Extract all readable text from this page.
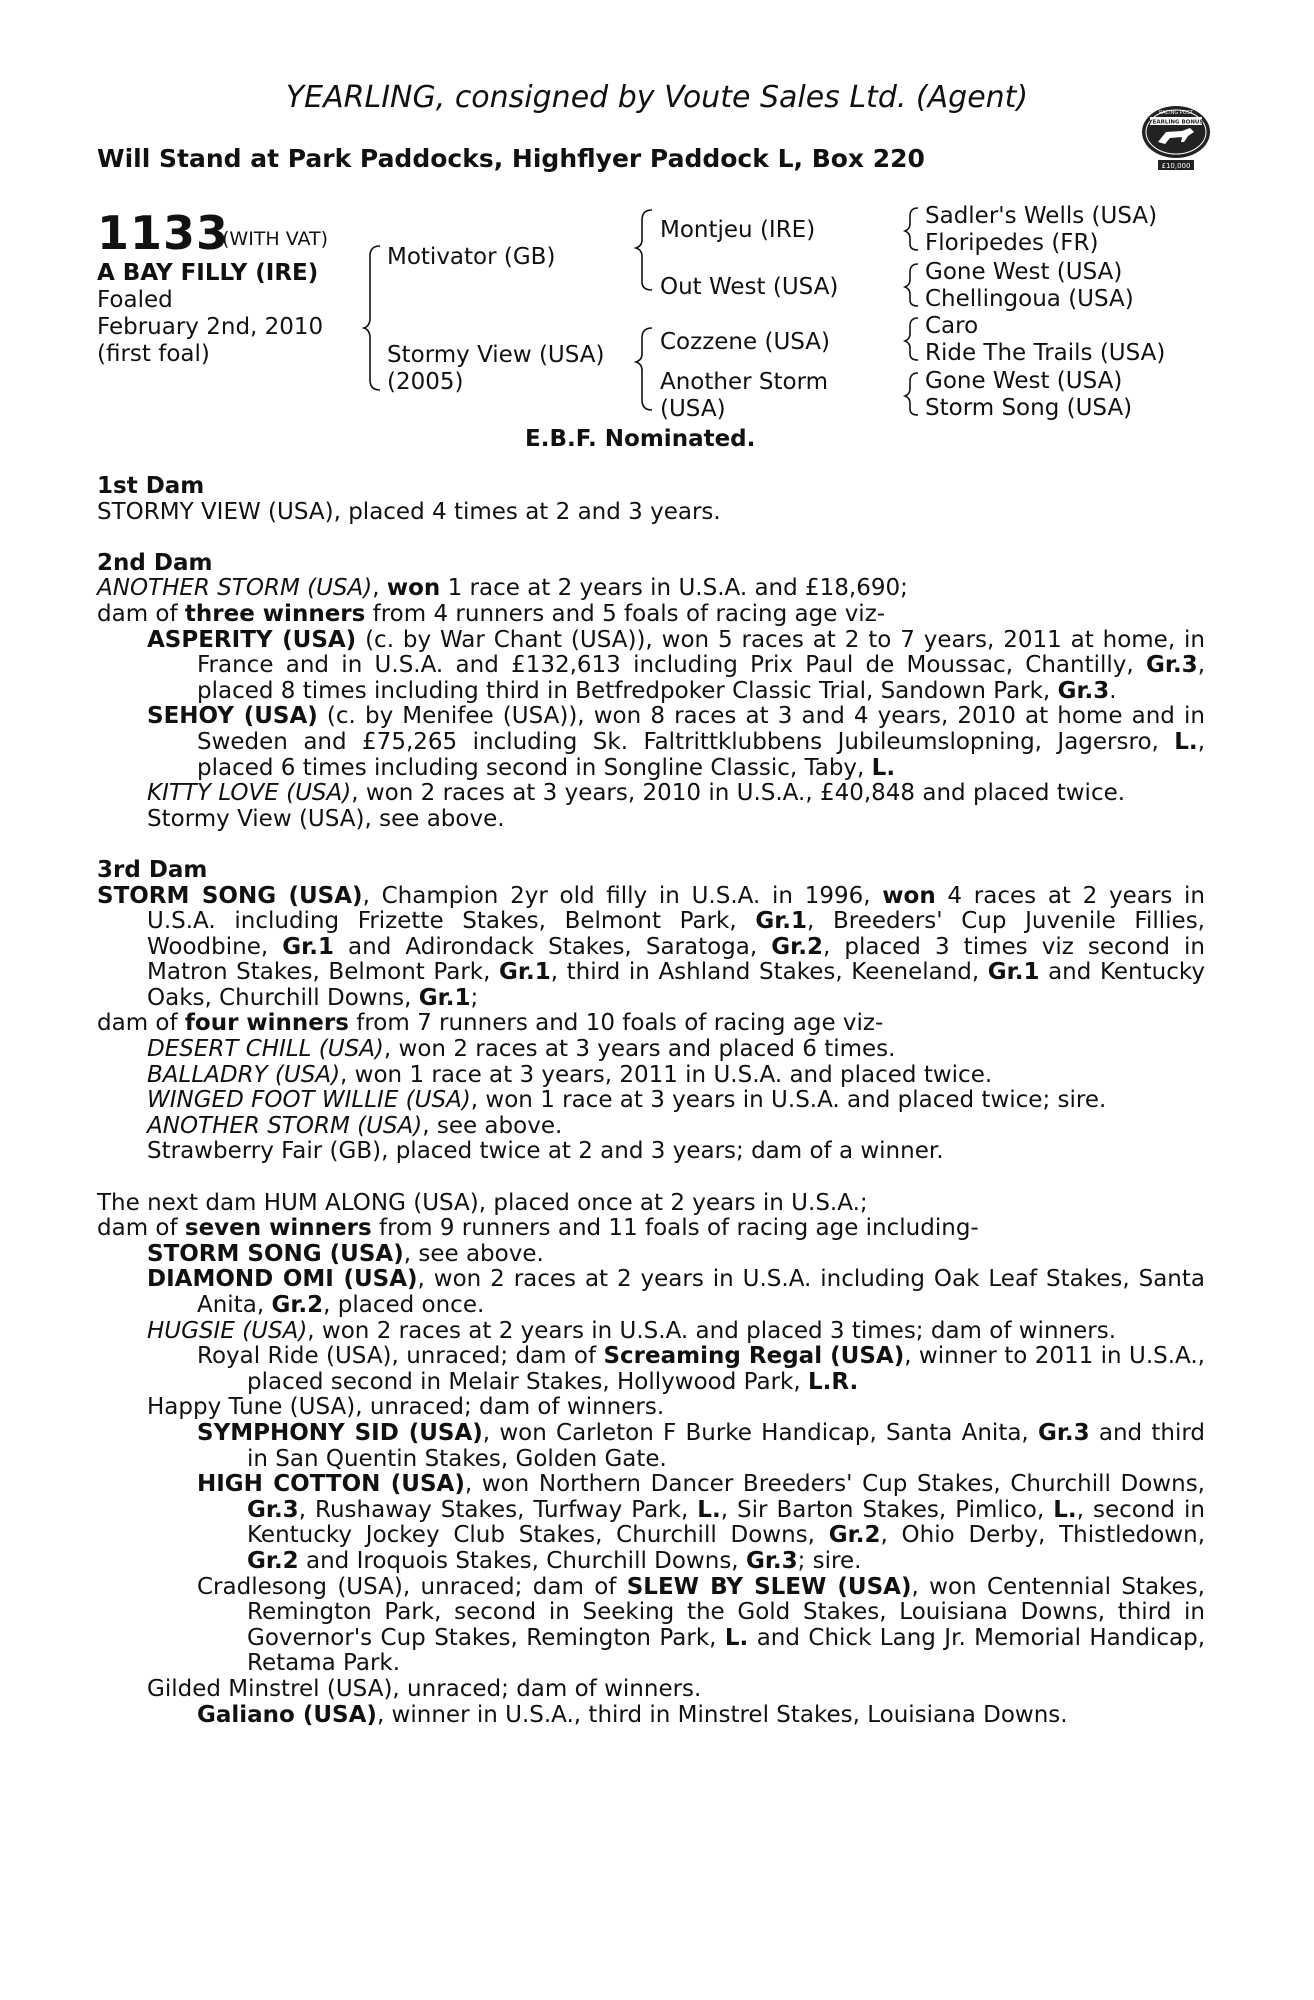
YEARLING, consigned by Voute Sales Ltd. (Agent)
Will Stand at Park Paddocks, Highflyer Paddock L, Box 220
RACING POST
YEARLING BONUS
£10,000
1133
(WITH VAT)
A BAY FILLY (IRE)
Foaled
February 2nd, 2010
(first foal)
Motivator (GB)
Stormy View (USA)
(2005)
Montjeu (IRE)
Out West (USA)
Cozzene (USA)
Another Storm
(USA)
Sadler's Wells (USA)
Floripedes (FR)
Gone West (USA)
Chellingoua (USA)
Caro
Ride The Trails (USA)
Gone West (USA)
Storm Song (USA)
E.B.F. Nominated.

1st Dam

STORMY VIEW (USA), placed 4 times at 2 and 3 years.

2nd Dam

ANOTHER STORM (USA), won 1 race at 2 years in U.S.A. and £18,690;

dam of three winners from 4 runners and 5 foals of racing age viz-

ASPERITY (USA) (c. by War Chant (USA)), won 5 races at 2 to 7 years, 2011 at home, in France and in U.S.A. and £132,613 including Prix Paul de Moussac, Chantilly, Gr.3, placed 8 times including third in Betfredpoker Classic Trial, Sandown Park, Gr.3.

SEHOY (USA) (c. by Menifee (USA)), won 8 races at 3 and 4 years, 2010 at home and in Sweden and £75,265 including Sk. Faltrittklubbens Jubileumslopning, Jagersro, L., placed 6 times including second in Songline Classic, Taby, L.

KITTY LOVE (USA), won 2 races at 3 years, 2010 in U.S.A., £40,848 and placed twice.

Stormy View (USA), see above.

3rd Dam

STORM SONG (USA), Champion 2yr old filly in U.S.A. in 1996, won 4 races at 2 years in U.S.A. including Frizette Stakes, Belmont Park, Gr.1, Breeders' Cup Juvenile Fillies, Woodbine, Gr.1 and Adirondack Stakes, Saratoga, Gr.2, placed 3 times viz second in Matron Stakes, Belmont Park, Gr.1, third in Ashland Stakes, Keeneland, Gr.1 and Kentucky Oaks, Churchill Downs, Gr.1;

dam of four winners from 7 runners and 10 foals of racing age viz-

DESERT CHILL (USA), won 2 races at 3 years and placed 6 times.

BALLADRY (USA), won 1 race at 3 years, 2011 in U.S.A. and placed twice.

WINGED FOOT WILLIE (USA), won 1 race at 3 years in U.S.A. and placed twice; sire.

ANOTHER STORM (USA), see above.

Strawberry Fair (GB), placed twice at 2 and 3 years; dam of a winner.

The next dam HUM ALONG (USA), placed once at 2 years in U.S.A.;

dam of seven winners from 9 runners and 11 foals of racing age including-

STORM SONG (USA), see above.

DIAMOND OMI (USA), won 2 races at 2 years in U.S.A. including Oak Leaf Stakes, Santa Anita, Gr.2, placed once.

HUGSIE (USA), won 2 races at 2 years in U.S.A. and placed 3 times; dam of winners.

Royal Ride (USA), unraced; dam of Screaming Regal (USA), winner to 2011 in U.S.A., placed second in Melair Stakes, Hollywood Park, L.R.

Happy Tune (USA), unraced; dam of winners.

SYMPHONY SID (USA), won Carleton F Burke Handicap, Santa Anita, Gr.3 and third in San Quentin Stakes, Golden Gate.

HIGH COTTON (USA), won Northern Dancer Breeders' Cup Stakes, Churchill Downs, Gr.3, Rushaway Stakes, Turfway Park, L., Sir Barton Stakes, Pimlico, L., second in Kentucky Jockey Club Stakes, Churchill Downs, Gr.2, Ohio Derby, Thistledown, Gr.2 and Iroquois Stakes, Churchill Downs, Gr.3; sire.

Cradlesong (USA), unraced; dam of SLEW BY SLEW (USA), won Centennial Stakes, Remington Park, second in Seeking the Gold Stakes, Louisiana Downs, third in Governor's Cup Stakes, Remington Park, L. and Chick Lang Jr. Memorial Handicap, Retama Park.

Gilded Minstrel (USA), unraced; dam of winners.

Galiano (USA), winner in U.S.A., third in Minstrel Stakes, Louisiana Downs.
